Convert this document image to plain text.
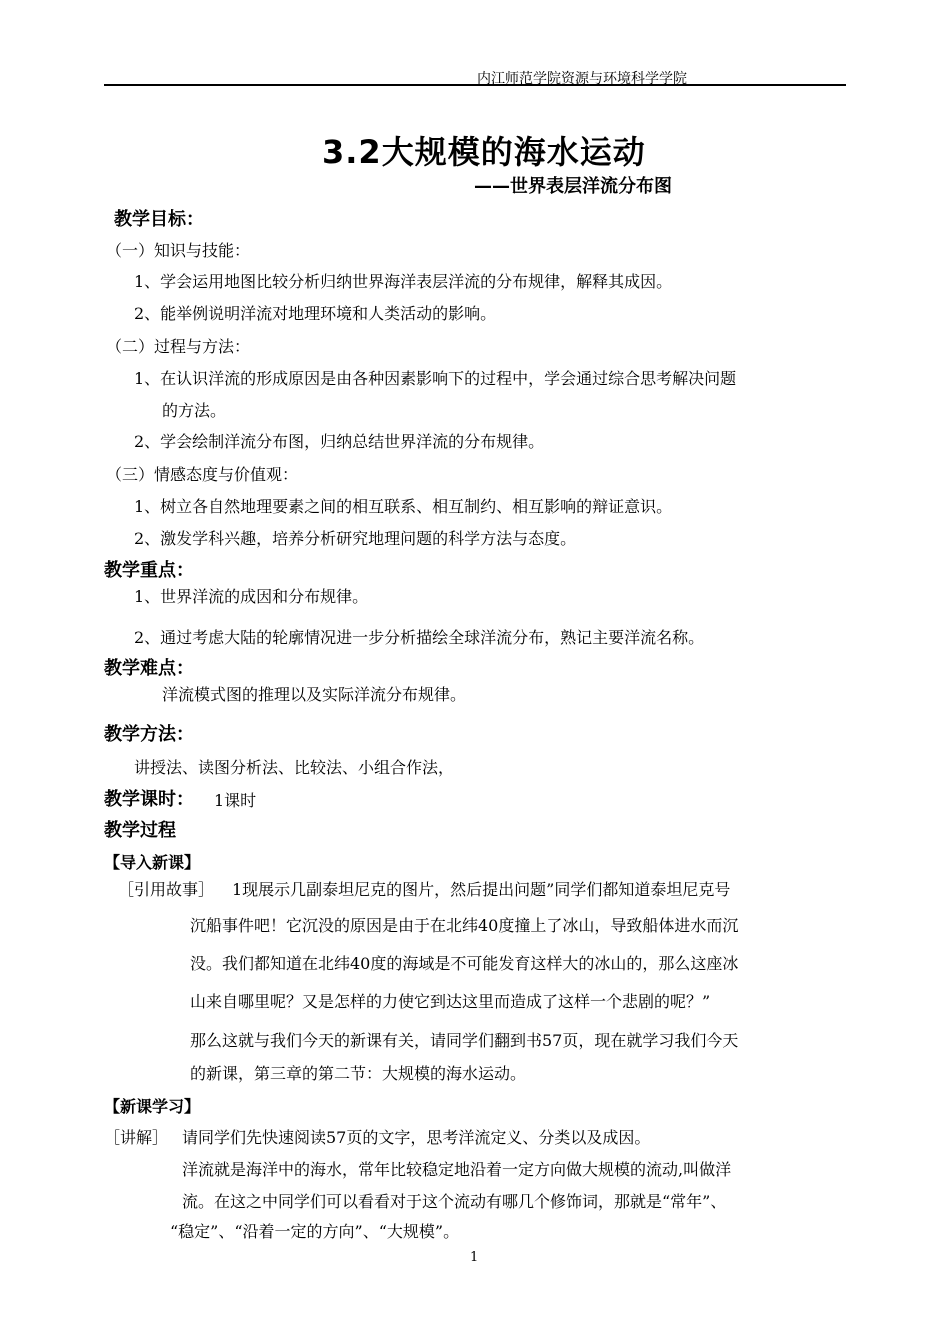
内江师范学院资源与环境科学学院
3.2大规模的海水运动
——世界表层洋流分布图
教学目标：
（一）知识与技能：
1、学会运用地图比较分析归纳世界海洋表层洋流的分布规律，解释其成因。
2、能举例说明洋流对地理环境和人类活动的影响。
（二）过程与方法：
1、在认识洋流的形成原因是由各种因素影响下的过程中，学会通过综合思考解决问题
的方法。
2、学会绘制洋流分布图，归纳总结世界洋流的分布规律。
（三）情感态度与价值观：
1、树立各自然地理要素之间的相互联系、相互制约、相互影响的辩证意识。
2、激发学科兴趣，培养分析研究地理问题的科学方法与态度。
教学重点：
1、世界洋流的成因和分布规律。
2、通过考虑大陆的轮廓情况进一步分析描绘全球洋流分布，熟记主要洋流名称。
教学难点：
洋流模式图的推理以及实际洋流分布规律。
教学方法：
讲授法、读图分析法、比较法、小组合作法，
教学课时： 1课时
教学过程
【导入新课】
［引用故事］ 1现展示几副泰坦尼克的图片，然后提出问题”同学们都知道泰坦尼克号
沉船事件吧！它沉没的原因是由于在北纬40度撞上了冰山，导致船体进水而沉
没。我们都知道在北纬40度的海域是不可能发育这样大的冰山的，那么这座冰
山来自哪里呢？又是怎样的力使它到达这里而造成了这样一个悲剧的呢？”
那么这就与我们今天的新课有关，请同学们翻到书57页，现在就学习我们今天
的新课，第三章的第二节：大规模的海水运动。
【新课学习】
［讲解］ 请同学们先快速阅读57页的文字，思考洋流定义、分类以及成因。
洋流就是海洋中的海水，常年比较稳定地沿着一定方向做大规模的流动,叫做洋
流。在这之中同学们可以看看对于这个流动有哪几个修饰词，那就是“常年”、
“稳定”、“沿着一定的方向”、“大规模”。
1
